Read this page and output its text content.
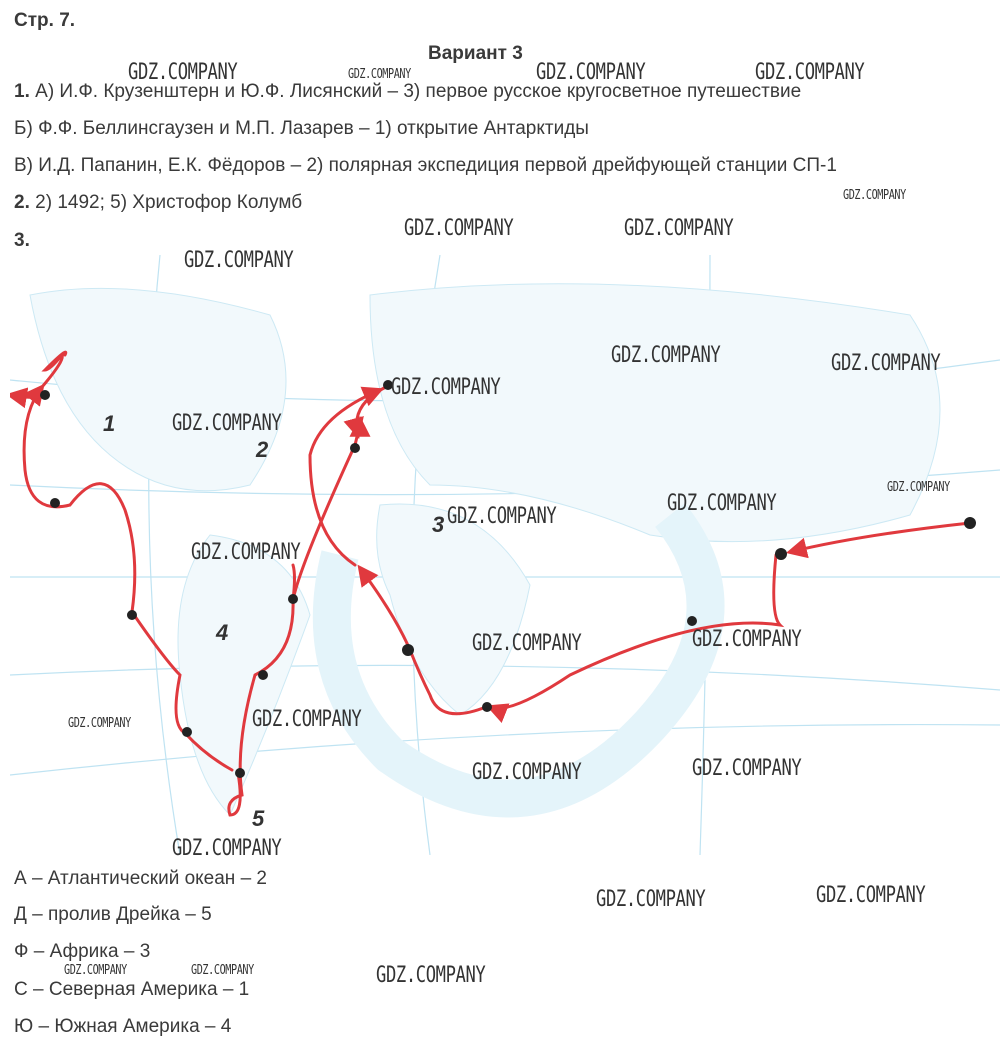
Стр. 7.
Вариант 3
1. А) И.Ф. Крузенштерн и Ю.Ф. Лисянский – 3) первое русское кругосветное путешествие
Б) Ф.Ф. Беллинсгаузен и М.П. Лазарев – 1) открытие Антарктиды
В) И.Д. Папанин, Е.К. Фёдоров – 2) полярная экспедиция первой дрейфующей станции СП-1
2. 2) 1492; 5) Христофор Колумб
3.
1
2
3
4
5
А – Атлантический океан – 2
Д – пролив Дрейка – 5
Ф – Африка – 3
С – Северная Америка – 1
Ю – Южная Америка – 4
GDZ.COMPANY	GDZ.COMPANY	GDZ.COMPANY	GDZ.COMPANY
GDZ.COMPANY
GDZ.COMPANY	GDZ.COMPANY
GDZ.COMPANY
GDZ.COMPANY	GDZ.COMPANY
GDZ.COMPANY
GDZ.COMPANY
GDZ.COMPANY
GDZ.COMPANY
GDZ.COMPANY
GDZ.COMPANY
GDZ.COMPANY
GDZ.COMPANY
GDZ.COMPANY
GDZ.COMPANY
GDZ.COMPANY
GDZ.COMPANY
GDZ.COMPANY
GDZ.COMPANY
GDZ.COMPANY
GDZ.COMPANY	GDZ.COMPANY	GDZ.COMPANY
